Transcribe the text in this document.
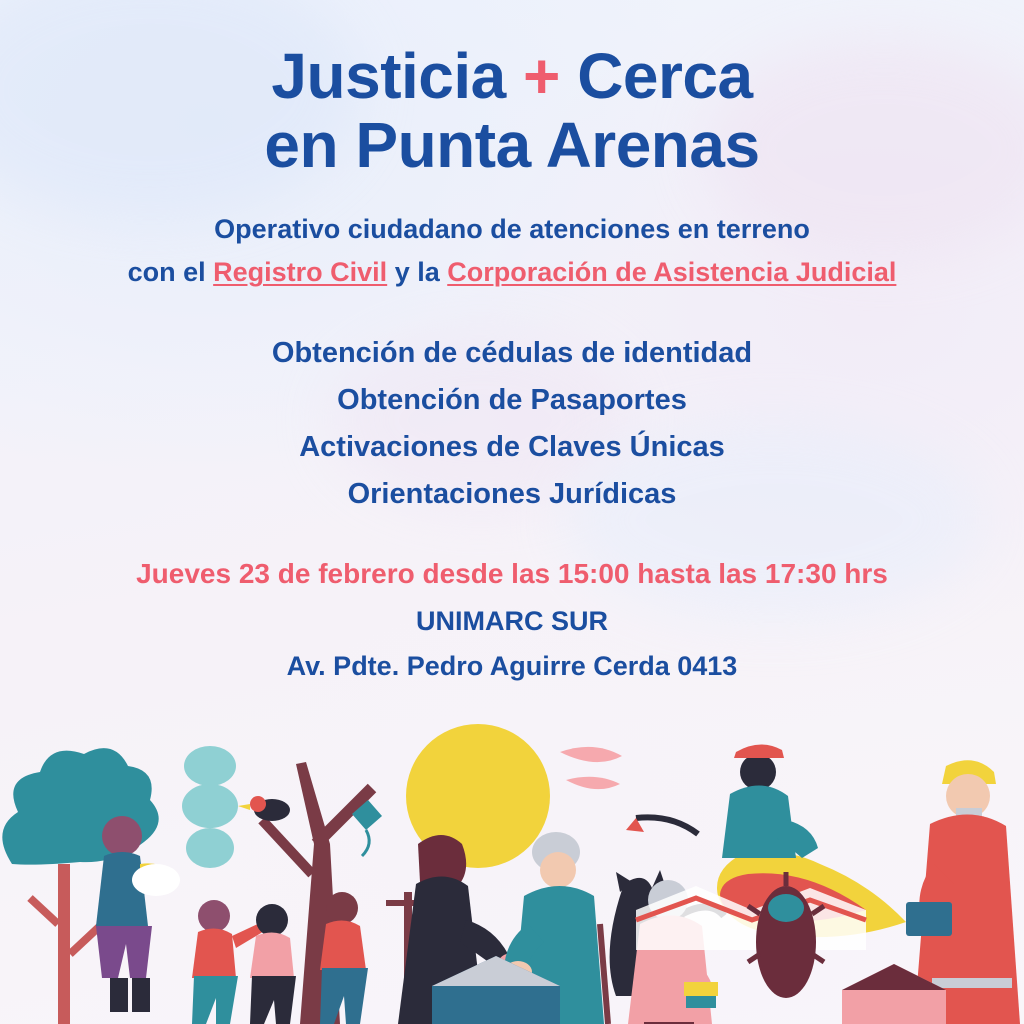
Justicia + Cerca
en Punta Arenas
Operativo ciudadano de atenciones en terreno
con el Registro Civil y la Corporación de Asistencia Judicial
Obtención de cédulas de identidad
Obtención de Pasaportes
Activaciones de Claves Únicas
Orientaciones Jurídicas
Jueves 23 de febrero desde las 15:00 hasta las 17:30 hrs
UNIMARC SUR
Av. Pdte. Pedro Aguirre Cerda 0413
